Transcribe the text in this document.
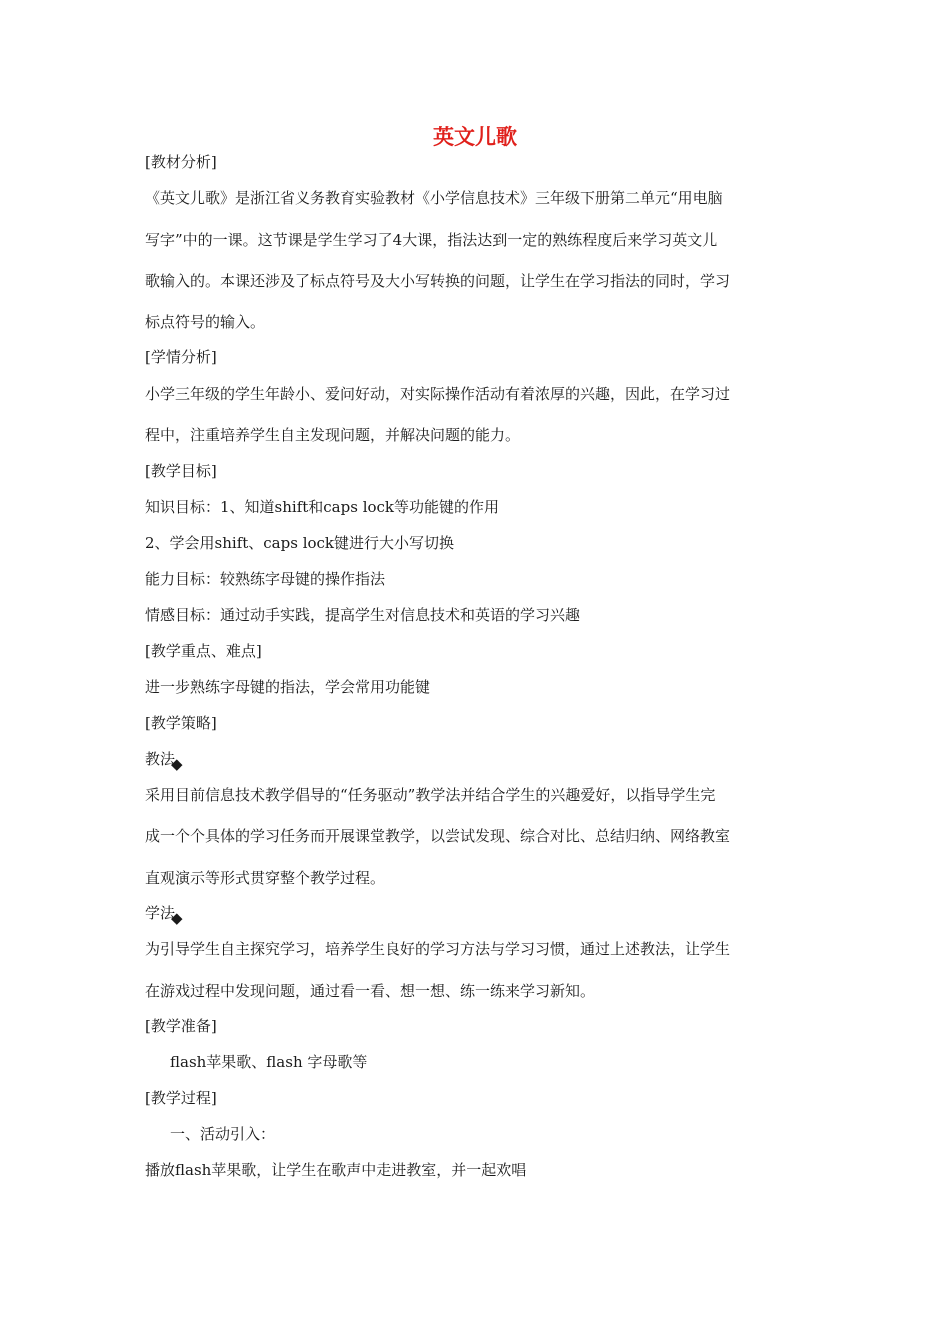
英文儿歌

[教材分析]

《英文儿歌》是浙江省义务教育实验教材《小学信息技术》三年级下册第二单元“用电脑

写字”中的一课。这节课是学生学习了4大课，指法达到一定的熟练程度后来学习英文儿

歌输入的。本课还涉及了标点符号及大小写转换的问题，让学生在学习指法的同时，学习

标点符号的输入。

[学情分析]

小学三年级的学生年龄小、爱问好动，对实际操作活动有着浓厚的兴趣，因此，在学习过

程中，注重培养学生自主发现问题，并解决问题的能力。

[教学目标]

知识目标：1、知道shift和caps lock等功能键的作用

2、学会用shift、caps lock键进行大小写切换

能力目标：较熟练字母键的操作指法

情感目标：通过动手实践，提高学生对信息技术和英语的学习兴趣

[教学重点、难点]

进一步熟练字母键的指法，学会常用功能键

[教学策略]

教法◆

采用目前信息技术教学倡导的“任务驱动”教学法并结合学生的兴趣爱好，以指导学生完

成一个个具体的学习任务而开展课堂教学，以尝试发现、综合对比、总结归纳、网络教室

直观演示等形式贯穿整个教学过程。

学法◆

为引导学生自主探究学习，培养学生良好的学习方法与学习习惯，通过上述教法，让学生

在游戏过程中发现问题，通过看一看、想一想、练一练来学习新知。

[教学准备]

flash苹果歌、flash 字母歌等

[教学过程]

一、活动引入：

播放flash苹果歌，让学生在歌声中走进教室，并一起欢唱
